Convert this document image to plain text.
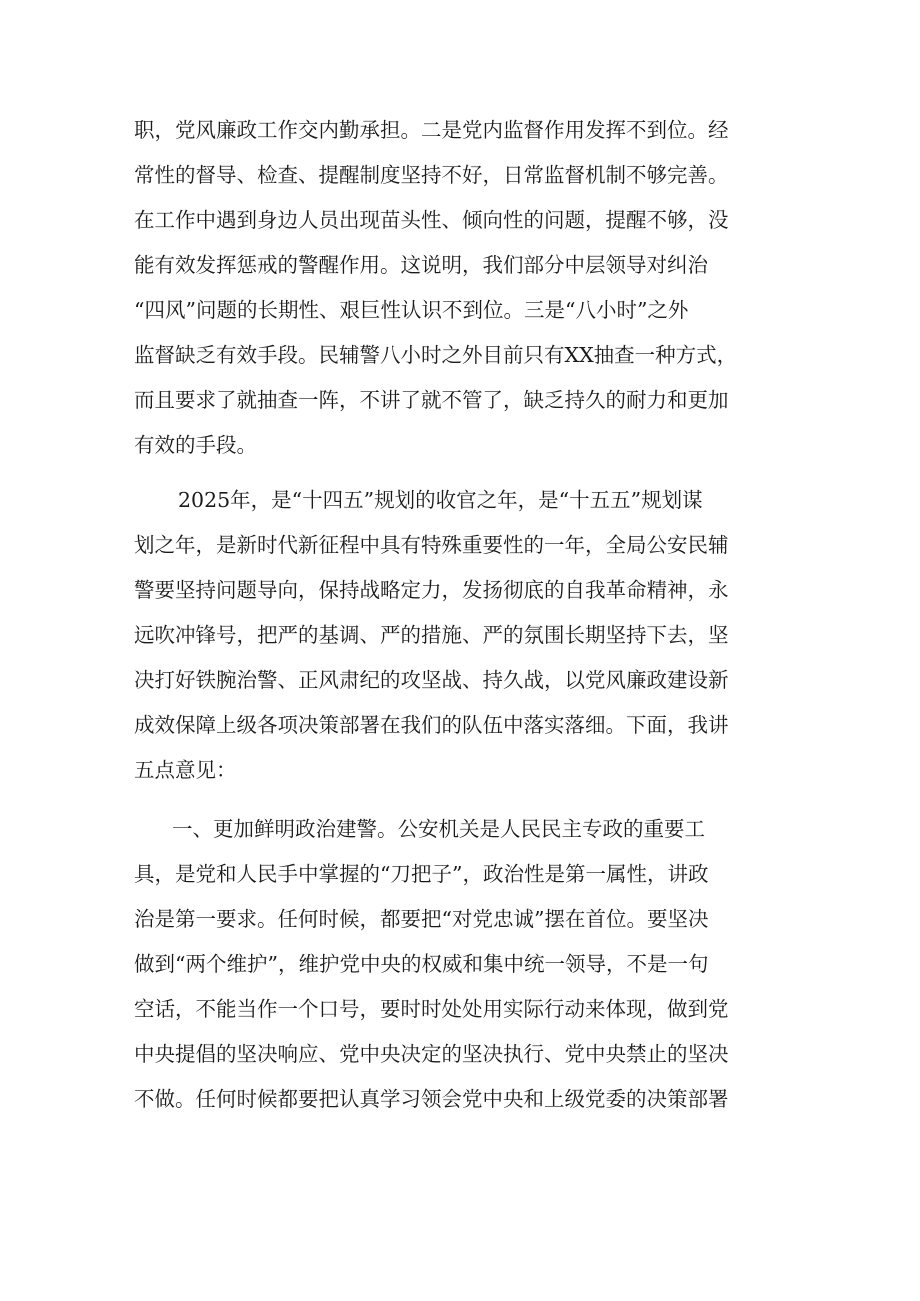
职，党风廉政工作交内勤承担。二是党内监督作用发挥不到位。经
常性的督导、检查、提醒制度坚持不好，日常监督机制不够完善。
在工作中遇到身边人员出现苗头性、倾向性的问题，提醒不够，没
能有效发挥惩戒的警醒作用。这说明，我们部分中层领导对纠治
“四风”问题的长期性、艰巨性认识不到位。三是“八小时”之外
监督缺乏有效手段。民辅警八小时之外目前只有XX抽查一种方式，
而且要求了就抽查一阵，不讲了就不管了，缺乏持久的耐力和更加
有效的手段。
2025年，是“十四五”规划的收官之年，是“十五五”规划谋
划之年，是新时代新征程中具有特殊重要性的一年，全局公安民辅
警要坚持问题导向，保持战略定力，发扬彻底的自我革命精神，永
远吹冲锋号，把严的基调、严的措施、严的氛围长期坚持下去，坚
决打好铁腕治警、正风肃纪的攻坚战、持久战，以党风廉政建设新
成效保障上级各项决策部署在我们的队伍中落实落细。下面，我讲
五点意见：
一、更加鲜明政治建警。公安机关是人民民主专政的重要工
具，是党和人民手中掌握的“刀把子”，政治性是第一属性，讲政
治是第一要求。任何时候，都要把“对党忠诚”摆在首位。要坚决
做到“两个维护”，维护党中央的权威和集中统一领导，不是一句
空话，不能当作一个口号，要时时处处用实际行动来体现，做到党
中央提倡的坚决响应、党中央决定的坚决执行、党中央禁止的坚决
不做。任何时候都要把认真学习领会党中央和上级党委的决策部署
